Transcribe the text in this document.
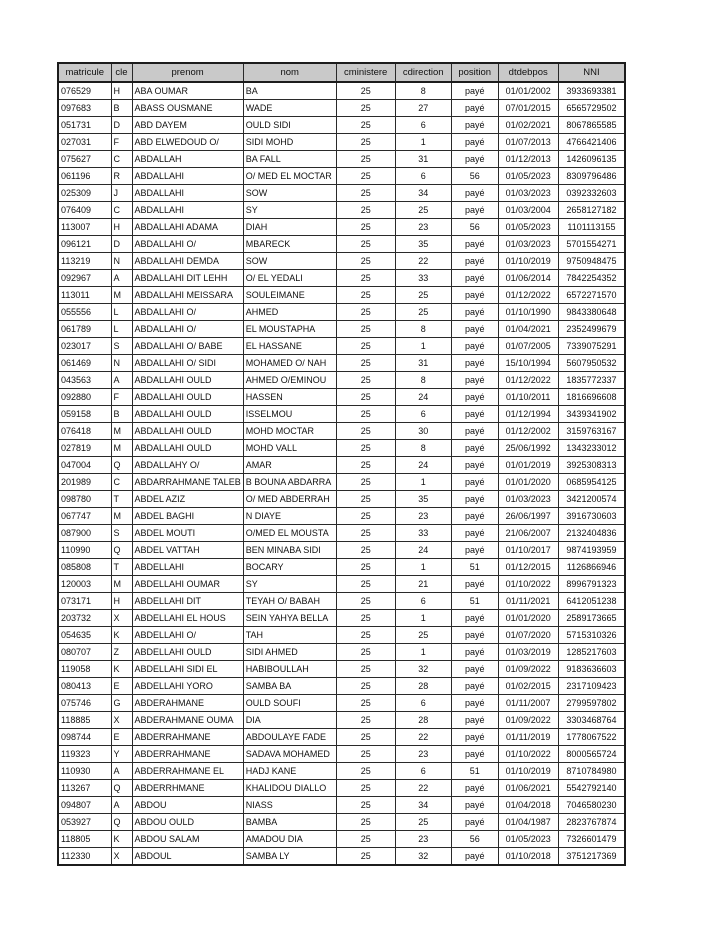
matricule	cle	prenom	nom	cministere	cdirection	position	dtdebpos	NNI
076529	H	ABA OUMAR	BA	25	8	payé	01/01/2002	3933693381
097683	B	ABASS OUSMANE	WADE	25	27	payé	07/01/2015	6565729502
051731	D	ABD DAYEM	OULD SIDI	25	6	payé	01/02/2021	8067865585
027031	F	ABD ELWEDOUD O/	SIDI MOHD	25	1	payé	01/07/2013	4766421406
075627	C	ABDALLAH	BA FALL	25	31	payé	01/12/2013	1426096135
061196	R	ABDALLAHI	O/ MED EL MOCTAR	25	6	56	01/05/2023	8309796486
025309	J	ABDALLAHI	SOW	25	34	payé	01/03/2023	0392332603
076409	C	ABDALLAHI	SY	25	25	payé	01/03/2004	2658127182
113007	H	ABDALLAHI ADAMA	DIAH	25	23	56	01/05/2023	1101113155
096121	D	ABDALLAHI O/	MBARECK	25	35	payé	01/03/2023	5701554271
113219	N	ABDALLAHI DEMDA	SOW	25	22	payé	01/10/2019	9750948475
092967	A	ABDALLAHI DIT LEHH	O/ EL YEDALI	25	33	payé	01/06/2014	7842254352
113011	M	ABDALLAHI MEISSARA	SOULEIMANE	25	25	payé	01/12/2022	6572271570
055556	L	ABDALLAHI O/	AHMED	25	25	payé	01/10/1990	9843380648
061789	L	ABDALLAHI O/	EL MOUSTAPHA	25	8	payé	01/04/2021	2352499679
023017	S	ABDALLAHI O/ BABE	EL HASSANE	25	1	payé	01/07/2005	7339075291
061469	N	ABDALLAHI O/ SIDI	MOHAMED O/ NAH	25	31	payé	15/10/1994	5607950532
043563	A	ABDALLAHI OULD	AHMED O/EMINOU	25	8	payé	01/12/2022	1835772337
092880	F	ABDALLAHI OULD	HASSEN	25	24	payé	01/10/2011	1816696608
059158	B	ABDALLAHI OULD	ISSELMOU	25	6	payé	01/12/1994	3439341902
076418	M	ABDALLAHI OULD	MOHD MOCTAR	25	30	payé	01/12/2002	3159763167
027819	M	ABDALLAHI OULD	MOHD VALL	25	8	payé	25/06/1992	1343233012
047004	Q	ABDALLAHY O/	AMAR	25	24	payé	01/01/2019	3925308313
201989	C	ABDARRAHMANE TALEB	B BOUNA ABDARRA	25	1	payé	01/01/2020	0685954125
098780	T	ABDEL AZIZ	O/ MED ABDERRAH	25	35	payé	01/03/2023	3421200574
067747	M	ABDEL BAGHI	N DIAYE	25	23	payé	26/06/1997	3916730603
087900	S	ABDEL MOUTI	O/MED EL MOUSTA	25	33	payé	21/06/2007	2132404836
110990	Q	ABDEL VATTAH	BEN MINABA SIDI	25	24	payé	01/10/2017	9874193959
085808	T	ABDELLAHI	BOCARY	25	1	51	01/12/2015	1126866946
120003	M	ABDELLAHI OUMAR	SY	25	21	payé	01/10/2022	8996791323
073171	H	ABDELLAHI DIT	TEYAH O/ BABAH	25	6	51	01/11/2021	6412051238
203732	X	ABDELLAHI EL HOUS	SEIN YAHYA BELLA	25	1	payé	01/01/2020	2589173665
054635	K	ABDELLAHI O/	TAH	25	25	payé	01/07/2020	5715310326
080707	Z	ABDELLAHI OULD	SIDI AHMED	25	1	payé	01/03/2019	1285217603
119058	K	ABDELLAHI SIDI EL	HABIBOULLAH	25	32	payé	01/09/2022	9183636603
080413	E	ABDELLAHI YORO	SAMBA BA	25	28	payé	01/02/2015	2317109423
075746	G	ABDERAHMANE	OULD SOUFI	25	6	payé	01/11/2007	2799597802
118885	X	ABDERAHMANE OUMA	DIA	25	28	payé	01/09/2022	3303468764
098744	E	ABDERRAHMANE	ABDOULAYE FADE	25	22	payé	01/11/2019	1778067522
119323	Y	ABDERRAHMANE	SADAVA MOHAMED	25	23	payé	01/10/2022	8000565724
110930	A	ABDERRAHMANE EL	HADJ KANE	25	6	51	01/10/2019	8710784980
113267	Q	ABDERRHMANE	KHALIDOU DIALLO	25	22	payé	01/06/2021	5542792140
094807	A	ABDOU	NIASS	25	34	payé	01/04/2018	7046580230
053927	Q	ABDOU OULD	BAMBA	25	25	payé	01/04/1987	2823767874
118805	K	ABDOU SALAM	AMADOU DIA	25	23	56	01/05/2023	7326601479
112330	X	ABDOUL	SAMBA LY	25	32	payé	01/10/2018	3751217369
